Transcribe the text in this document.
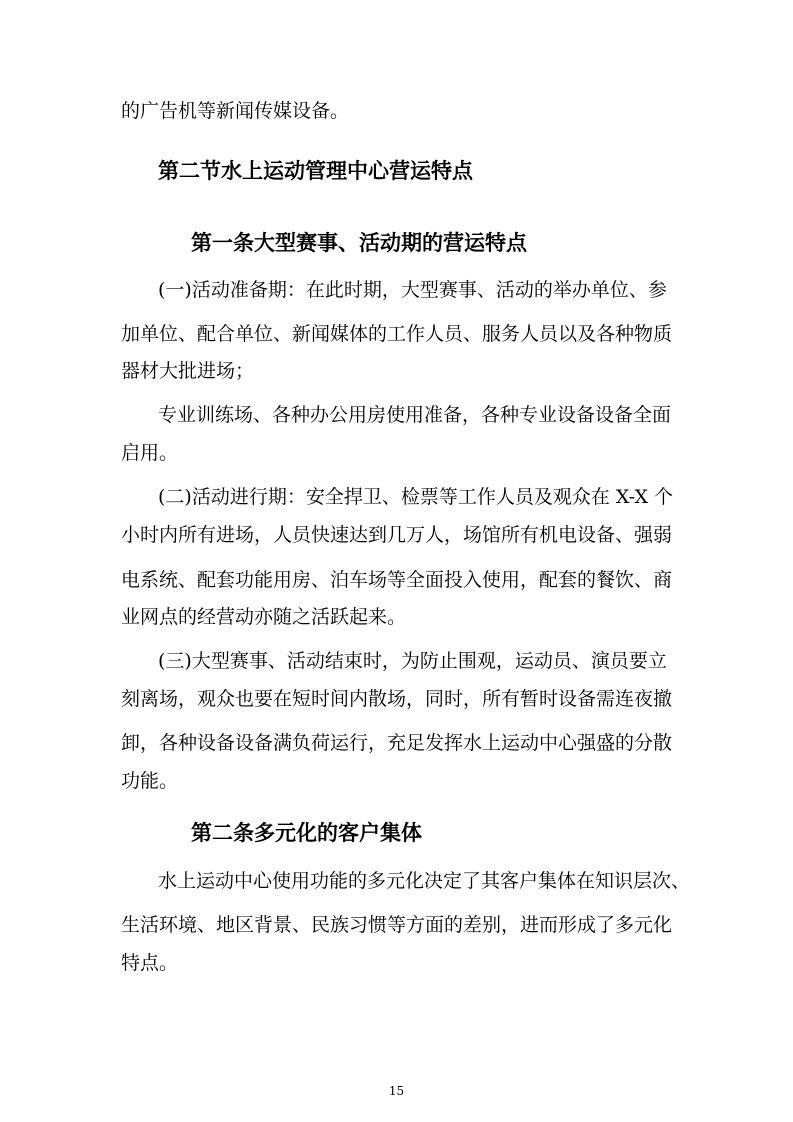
的广告机等新闻传媒设备。
第二节水上运动管理中心营运特点
第一条大型赛事、活动期的营运特点
(一)活动准备期：在此时期，大型赛事、活动的举办单位、参
加单位、配合单位、新闻媒体的工作人员、服务人员以及各种物质
器材大批进场；
专业训练场、各种办公用房使用准备，各种专业设备设备全面
启用。
(二)活动进行期：安全捍卫、检票等工作人员及观众在 X-X 个
小时内所有进场，人员快速达到几万人，场馆所有机电设备、强弱
电系统、配套功能用房、泊车场等全面投入使用，配套的餐饮、商
业网点的经营动亦随之活跃起来。
(三)大型赛事、活动结束时，为防止围观，运动员、演员要立
刻离场，观众也要在短时间内散场，同时，所有暂时设备需连夜撤
卸，各种设备设备满负荷运行，充足发挥水上运动中心强盛的分散
功能。
第二条多元化的客户集体
水上运动中心使用功能的多元化决定了其客户集体在知识层次、
生活环境、地区背景、民族习惯等方面的差别，进而形成了多元化
特点。
15
